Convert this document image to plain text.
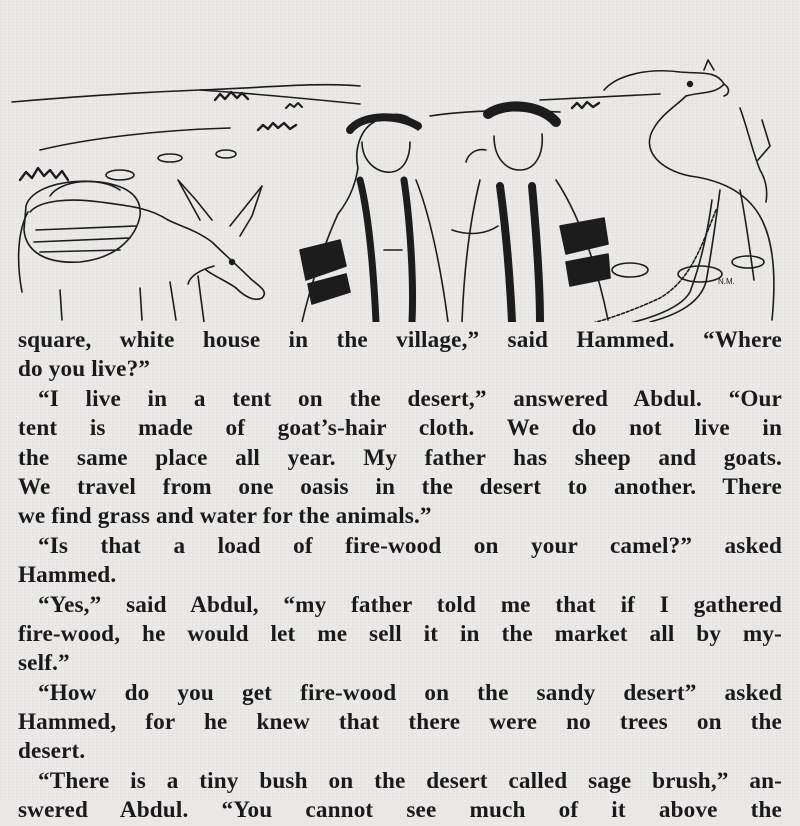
N.M.
square, white house in the village,” said Hammed. “Where
do you live?”
“I live in a tent on the desert,” answered Abdul. “Our
tent is made of goat’s-hair cloth. We do not live in
the same place all year. My father has sheep and goats.
We travel from one oasis in the desert to another. There
we find grass and water for the animals.”
“Is that a load of fire-wood on your camel?” asked
Hammed.
“Yes,” said Abdul, “my father told me that if I gathered
fire-wood, he would let me sell it in the market all by my-
self.”
“How do you get fire-wood on the sandy desert” asked
Hammed, for he knew that there were no trees on the
desert.
“There is a tiny bush on the desert called sage brush,” an-
swered Abdul. “You cannot see much of it above the
